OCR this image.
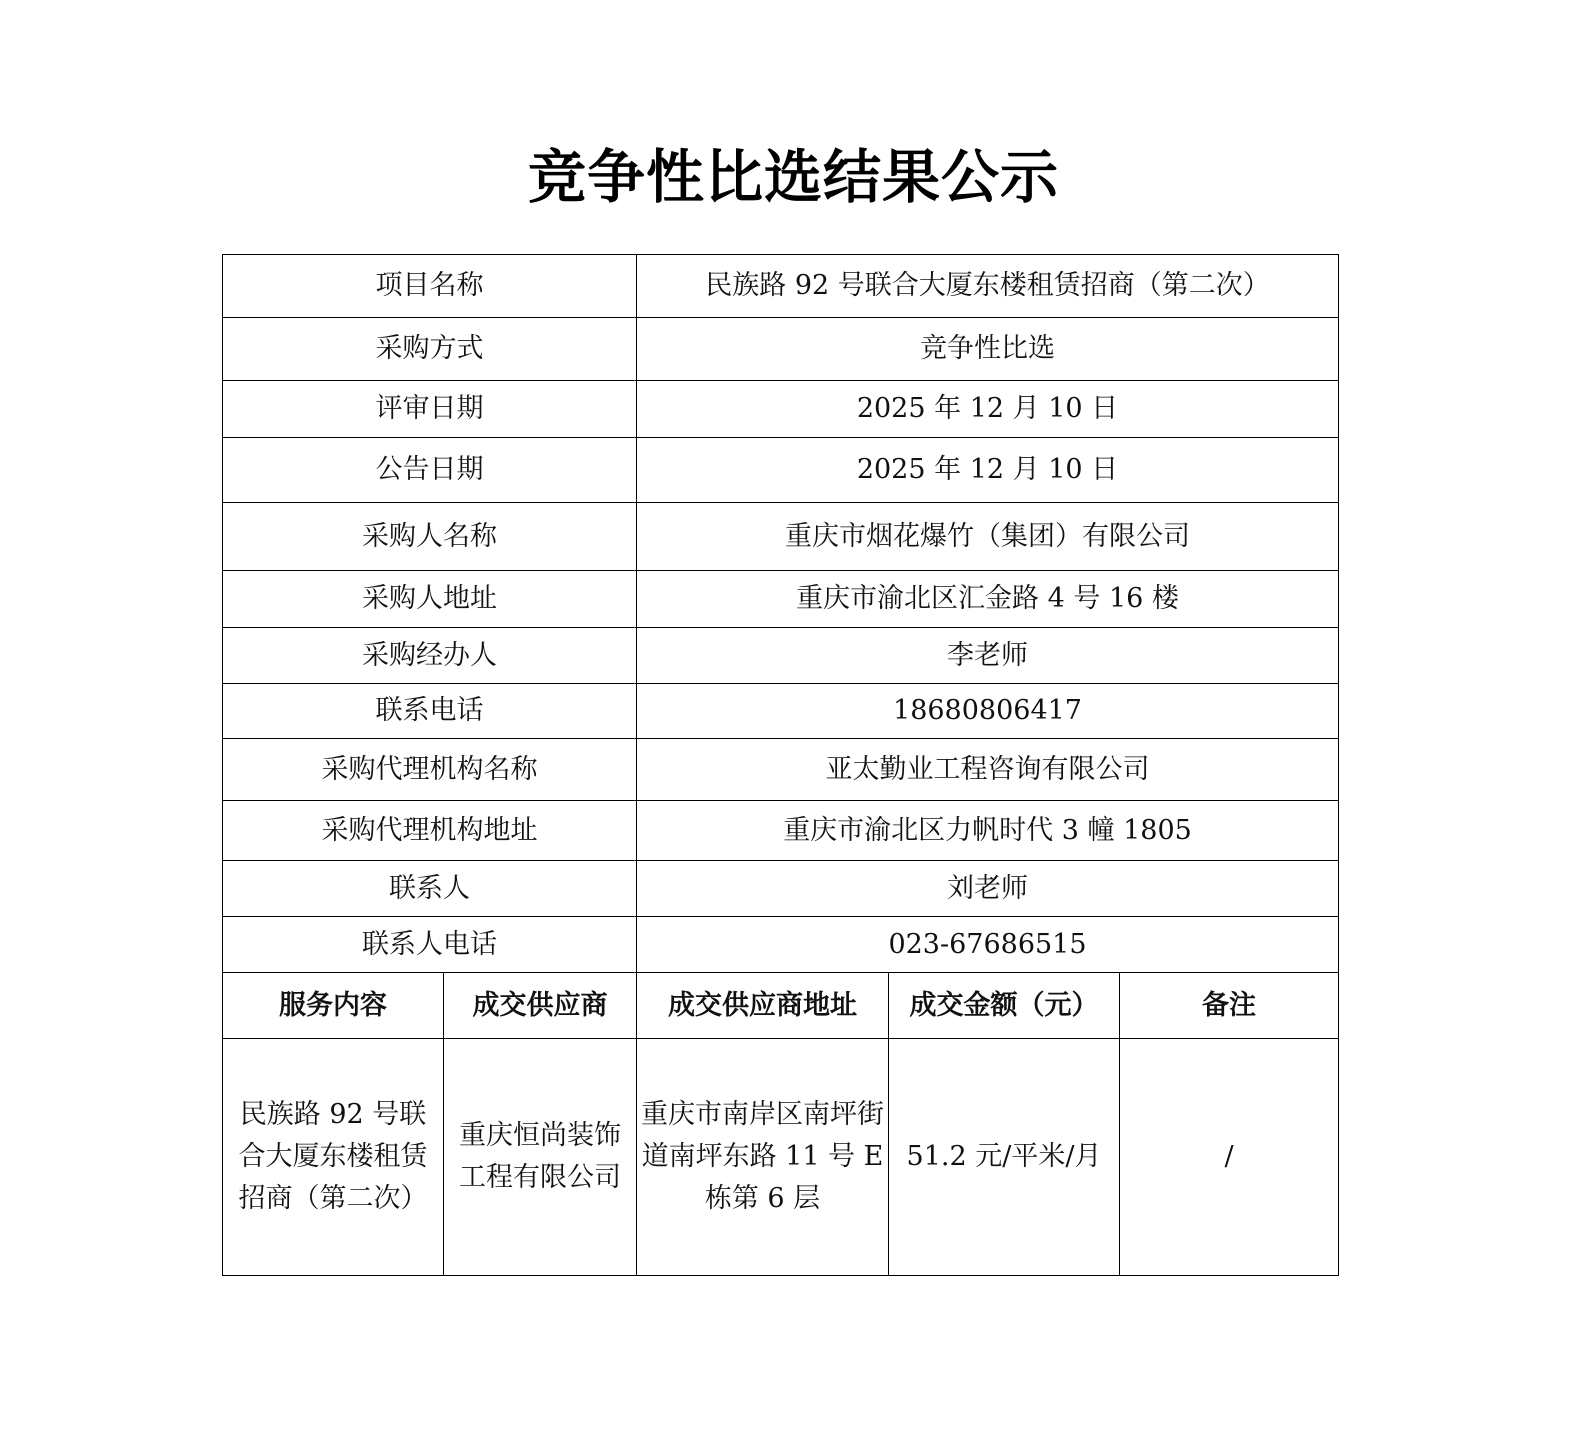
竞争性比选结果公示
项目名称		民族路 92 号联合大厦东楼租赁招商（第二次）		
采购方式		竞争性比选		
评审日期		2025 年 12 月 10 日		
公告日期		2025 年 12 月 10 日		
采购人名称		重庆市烟花爆竹（集团）有限公司		
采购人地址		重庆市渝北区汇金路 4 号 16 楼		
采购经办人		李老师		
联系电话		18680806417		
采购代理机构名称		亚太勤业工程咨询有限公司		
采购代理机构地址		重庆市渝北区力帆时代 3 幢 1805		
联系人		刘老师		
联系人电话		023-67686515		
服务内容	成交供应商	成交供应商地址	成交金额（元）	备注
民族路 92 号联合大厦东楼租赁招商（第二次）	重庆恒尚装饰工程有限公司	重庆市南岸区南坪街道南坪东路 11 号 E 栋第 6 层	51.2 元/平米/月	/
